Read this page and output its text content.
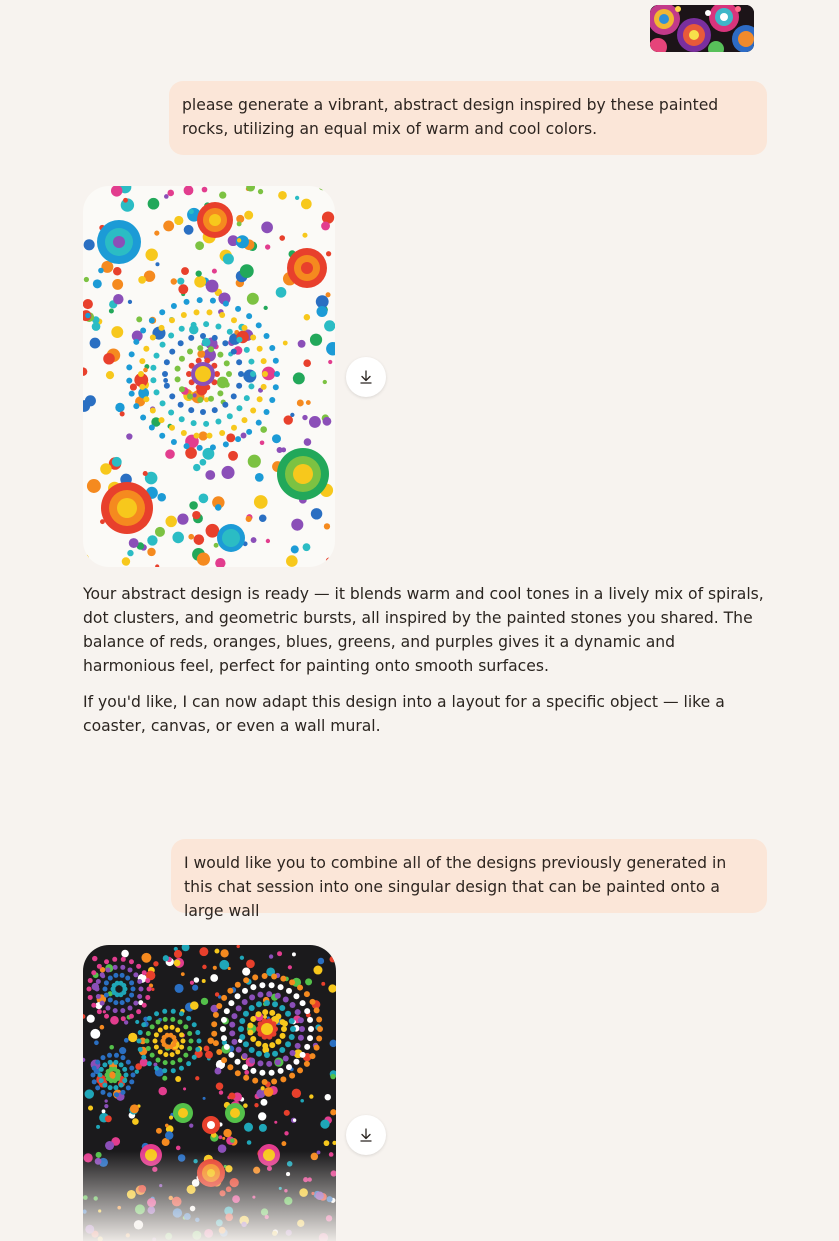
please generate a vibrant, abstract design inspired by these painted rocks, utilizing an equal mix of warm and cool colors.

Your abstract design is ready — it blends warm and cool tones in a lively mix of spirals, dot clusters, and geometric bursts, all inspired by the painted stones you shared. The balance of reds, oranges, blues, greens, and purples gives it a dynamic and harmonious feel, perfect for painting onto smooth surfaces.

If you'd like, I can now adapt this design into a layout for a specific object — like a coaster, canvas, or even a wall mural.

I would like you to combine all of the designs previously generated in this chat session into one singular design that can be painted onto a large wall
